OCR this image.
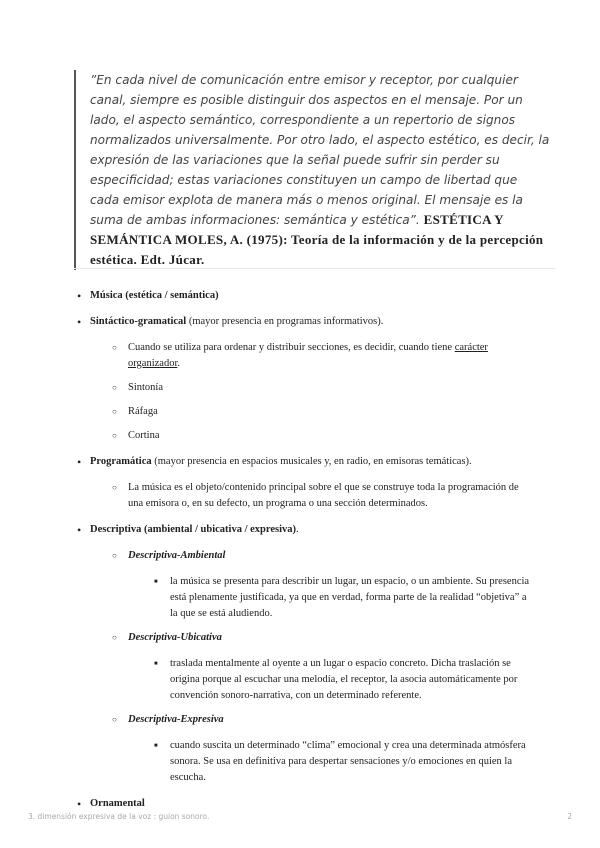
”En cada nivel de comunicación entre emisor y receptor, por cualquier canal, siempre es posible distinguir dos aspectos en el mensaje. Por un lado, el aspecto semántico, correspondiente a un repertorio de signos normalizados universalmente. Por otro lado, el aspecto estético, es decir, la expresión de las variaciones que la señal puede sufrir sin perder su especificidad; estas variaciones constituyen un campo de libertad que cada emisor explota de manera más o menos original. El mensaje es la suma de ambas informaciones: semántica y estética”. ESTÉTICA Y SEMÁNTICA MOLES, A. (1975): Teoría de la información y de la percepción estética. Edt. Júcar.
• Música (estética / semántica)
• Sintáctico-gramatical (mayor presencia en programas informativos).
○ Cuando se utiliza para ordenar y distribuir secciones, es decidir, cuando tiene carácter organizador.
○ Sintonía
○ Ráfaga
○ Cortina
• Programática (mayor presencia en espacios musicales y, en radio, en emisoras temáticas).
○ La música es el objeto/contenido principal sobre el que se construye toda la programación de una emisora o, en su defecto, un programa o una sección determinados.
• Descriptiva (ambiental / ubicativa / expresiva).
○ Descriptiva-Ambiental
■ la música se presenta para describir un lugar, un espacio, o un ambiente. Su presencia está plenamente justificada, ya que en verdad, forma parte de la realidad “objetiva” a la que se está aludiendo.
○ Descriptiva-Ubicativa
■ traslada mentalmente al oyente a un lugar o espacio concreto. Dicha traslación se origina porque al escuchar una melodía, el receptor, la asocia automáticamente por convención sonoro-narrativa, con un determinado referente.
○ Descriptiva-Expresiva
■ cuando suscita un determinado “clima” emocional y crea una determinada atmósfera sonora. Se usa en definitiva para despertar sensaciones y/o emociones en quien la escucha.
• Ornamental
3. dimensión expresiva de la voz : guion sonoro.	2
